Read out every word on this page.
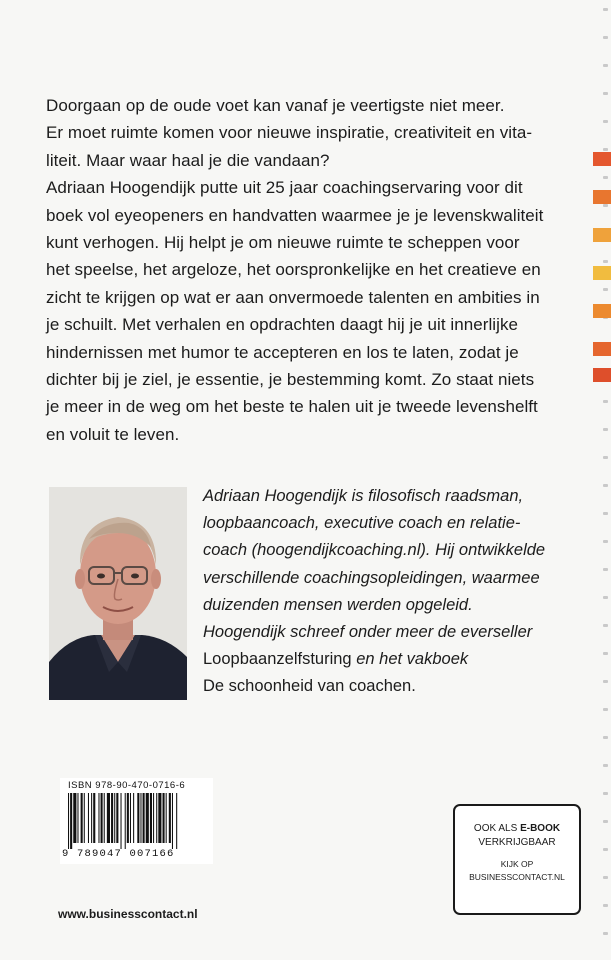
Doorgaan op de oude voet kan vanaf je veertigste niet meer.
Er moet ruimte komen voor nieuwe inspiratie, creativiteit en vita-
liteit. Maar waar haal je die vandaan?
Adriaan Hoogendijk putte uit 25 jaar coachingservaring voor dit
boek vol eyeopeners en handvatten waarmee je je levenskwaliteit
kunt verhogen. Hij helpt je om nieuwe ruimte te scheppen voor
het speelse, het argeloze, het oorspronkelijke en het creatieve en
zicht te krijgen op wat er aan onvermoede talenten en ambities in
je schuilt. Met verhalen en opdrachten daagt hij je uit innerlijke
hindernissen met humor te accepteren en los te laten, zodat je
dichter bij je ziel, je essentie, je bestemming komt. Zo staat niets
je meer in de weg om het beste te halen uit je tweede levenshelft
en voluit te leven.

Adriaan Hoogendijk is filosofisch raadsman,
loopbaancoach, executive coach en relatie-
coach (hoogendijkcoaching.nl). Hij ontwikkelde
verschillende coachingsopleidingen, waarmee
duizenden mensen werden opgeleid.
Hoogendijk schreef onder meer de everseller
Loopbaanzelfsturing en het vakboek
De schoonheid van coachen.
ISBN 978-90-470-0716-6
9 789047 007166
www.businesscontact.nl
OOK ALS E-BOOK
VERKRIJGBAAR
KIJK OP
BUSINESSCONTACT.NL
